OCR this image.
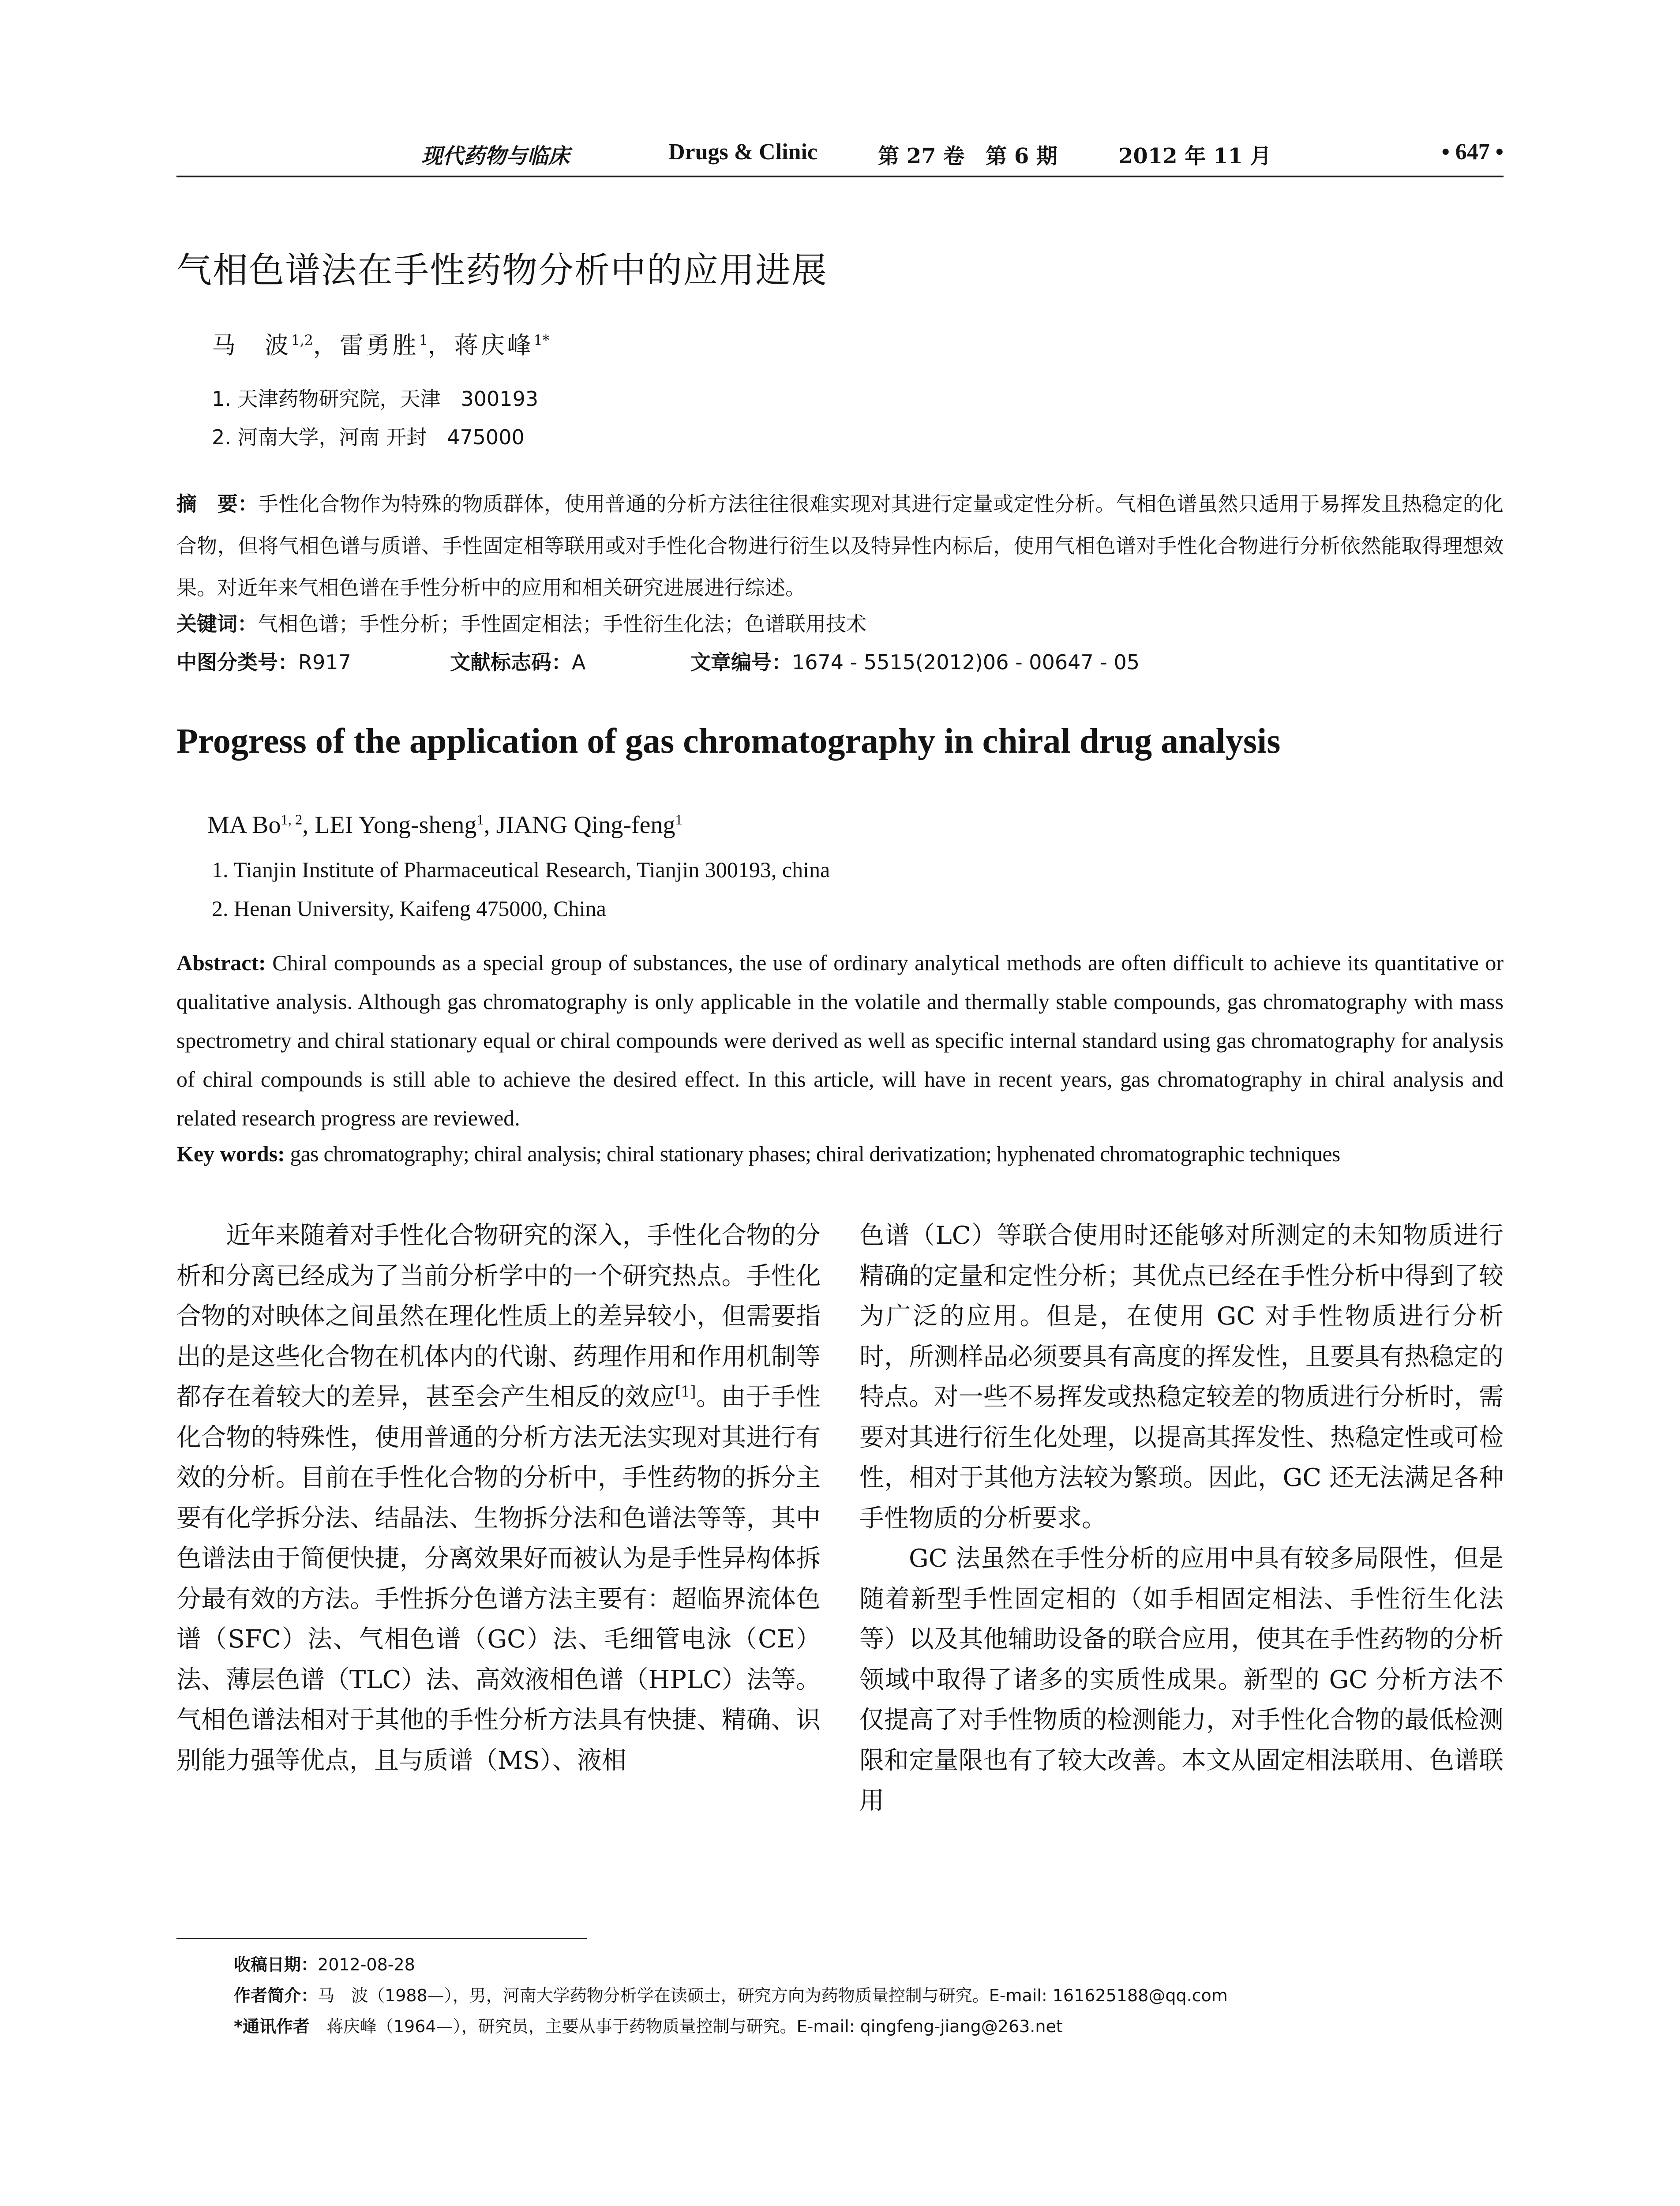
现代药物与临床	Drugs & Clinic	第 27 卷　第 6 期	2012 年 11 月	• 647 •
气相色谱法在手性药物分析中的应用进展
马　波$^{1,2}$，雷勇胜$^1$，蒋庆峰$^{1*}$
1. 天津药物研究院，天津　300193
2. 河南大学，河南 开封　475000
摘　要：手性化合物作为特殊的物质群体，使用普通的分析方法往往很难实现对其进行定量或定性分析。气相色谱虽然只适用于易挥发且热稳定的化合物，但将气相色谱与质谱、手性固定相等联用或对手性化合物进行衍生以及特异性内标后，使用气相色谱对手性化合物进行分析依然能取得理想效果。对近年来气相色谱在手性分析中的应用和相关研究进展进行综述。
关键词：气相色谱；手性分析；手性固定相法；手性衍生化法；色谱联用技术
中图分类号：R917	文献标志码：A	文章编号：1674 - 5515(2012)06 - 00647 - 05
Progress of the application of gas chromatography in chiral drug analysis
MA Bo$^{1, 2}$, LEI Yong-sheng$^1$, JIANG Qing-feng$^1$
1. Tianjin Institute of Pharmaceutical Research, Tianjin 300193, china
2. Henan University, Kaifeng 475000, China
Abstract: Chiral compounds as a special group of substances, the use of ordinary analytical methods are often difficult to achieve its quantitative or qualitative analysis. Although gas chromatography is only applicable in the volatile and thermally stable compounds, gas chromatography with mass spectrometry and chiral stationary equal or chiral compounds were derived as well as specific internal standard using gas chromatography for analysis of chiral compounds is still able to achieve the desired effect. In this article, will have in recent years, gas chromatography in chiral analysis and related research progress are reviewed.
Key words: gas chromatography; chiral analysis; chiral stationary phases; chiral derivatization; hyphenated chromatographic techniques

近年来随着对手性化合物研究的深入，手性化合物的分析和分离已经成为了当前分析学中的一个研究热点。手性化合物的对映体之间虽然在理化性质上的差异较小，但需要指出的是这些化合物在机体内的代谢、药理作用和作用机制等都存在着较大的差异，甚至会产生相反的效应[1]。由于手性化合物的特殊性，使用普通的分析方法无法实现对其进行有效的分析。目前在手性化合物的分析中，手性药物的拆分主要有化学拆分法、结晶法、生物拆分法和色谱法等等，其中色谱法由于简便快捷，分离效果好而被认为是手性异构体拆分最有效的方法。手性拆分色谱方法主要有：超临界流体色谱（SFC）法、气相色谱（GC）法、毛细管电泳（CE）法、薄层色谱（TLC）法、高效液相色谱（HPLC）法等。气相色谱法相对于其他的手性分析方法具有快捷、精确、识别能力强等优点，且与质谱（MS）、液相

色谱（LC）等联合使用时还能够对所测定的未知物质进行精确的定量和定性分析；其优点已经在手性分析中得到了较为广泛的应用。但是，在使用 GC 对手性物质进行分析时，所测样品必须要具有高度的挥发性，且要具有热稳定的特点。对一些不易挥发或热稳定较差的物质进行分析时，需要对其进行衍生化处理，以提高其挥发性、热稳定性或可检性，相对于其他方法较为繁琐。因此，GC 还无法满足各种手性物质的分析要求。

GC 法虽然在手性分析的应用中具有较多局限性，但是随着新型手性固定相的（如手相固定相法、手性衍生化法等）以及其他辅助设备的联合应用，使其在手性药物的分析领域中取得了诸多的实质性成果。新型的 GC 分析方法不仅提高了对手性物质的检测能力，对手性化合物的最低检测限和定量限也有了较大改善。本文从固定相法联用、色谱联用

收稿日期：2012-08-28
作者简介：马　波（1988—），男，河南大学药物分析学在读硕士，研究方向为药物质量控制与研究。E-mail: 161625188@qq.com
*通讯作者　蒋庆峰（1964—），研究员，主要从事于药物质量控制与研究。E-mail: qingfeng-jiang@263.net
